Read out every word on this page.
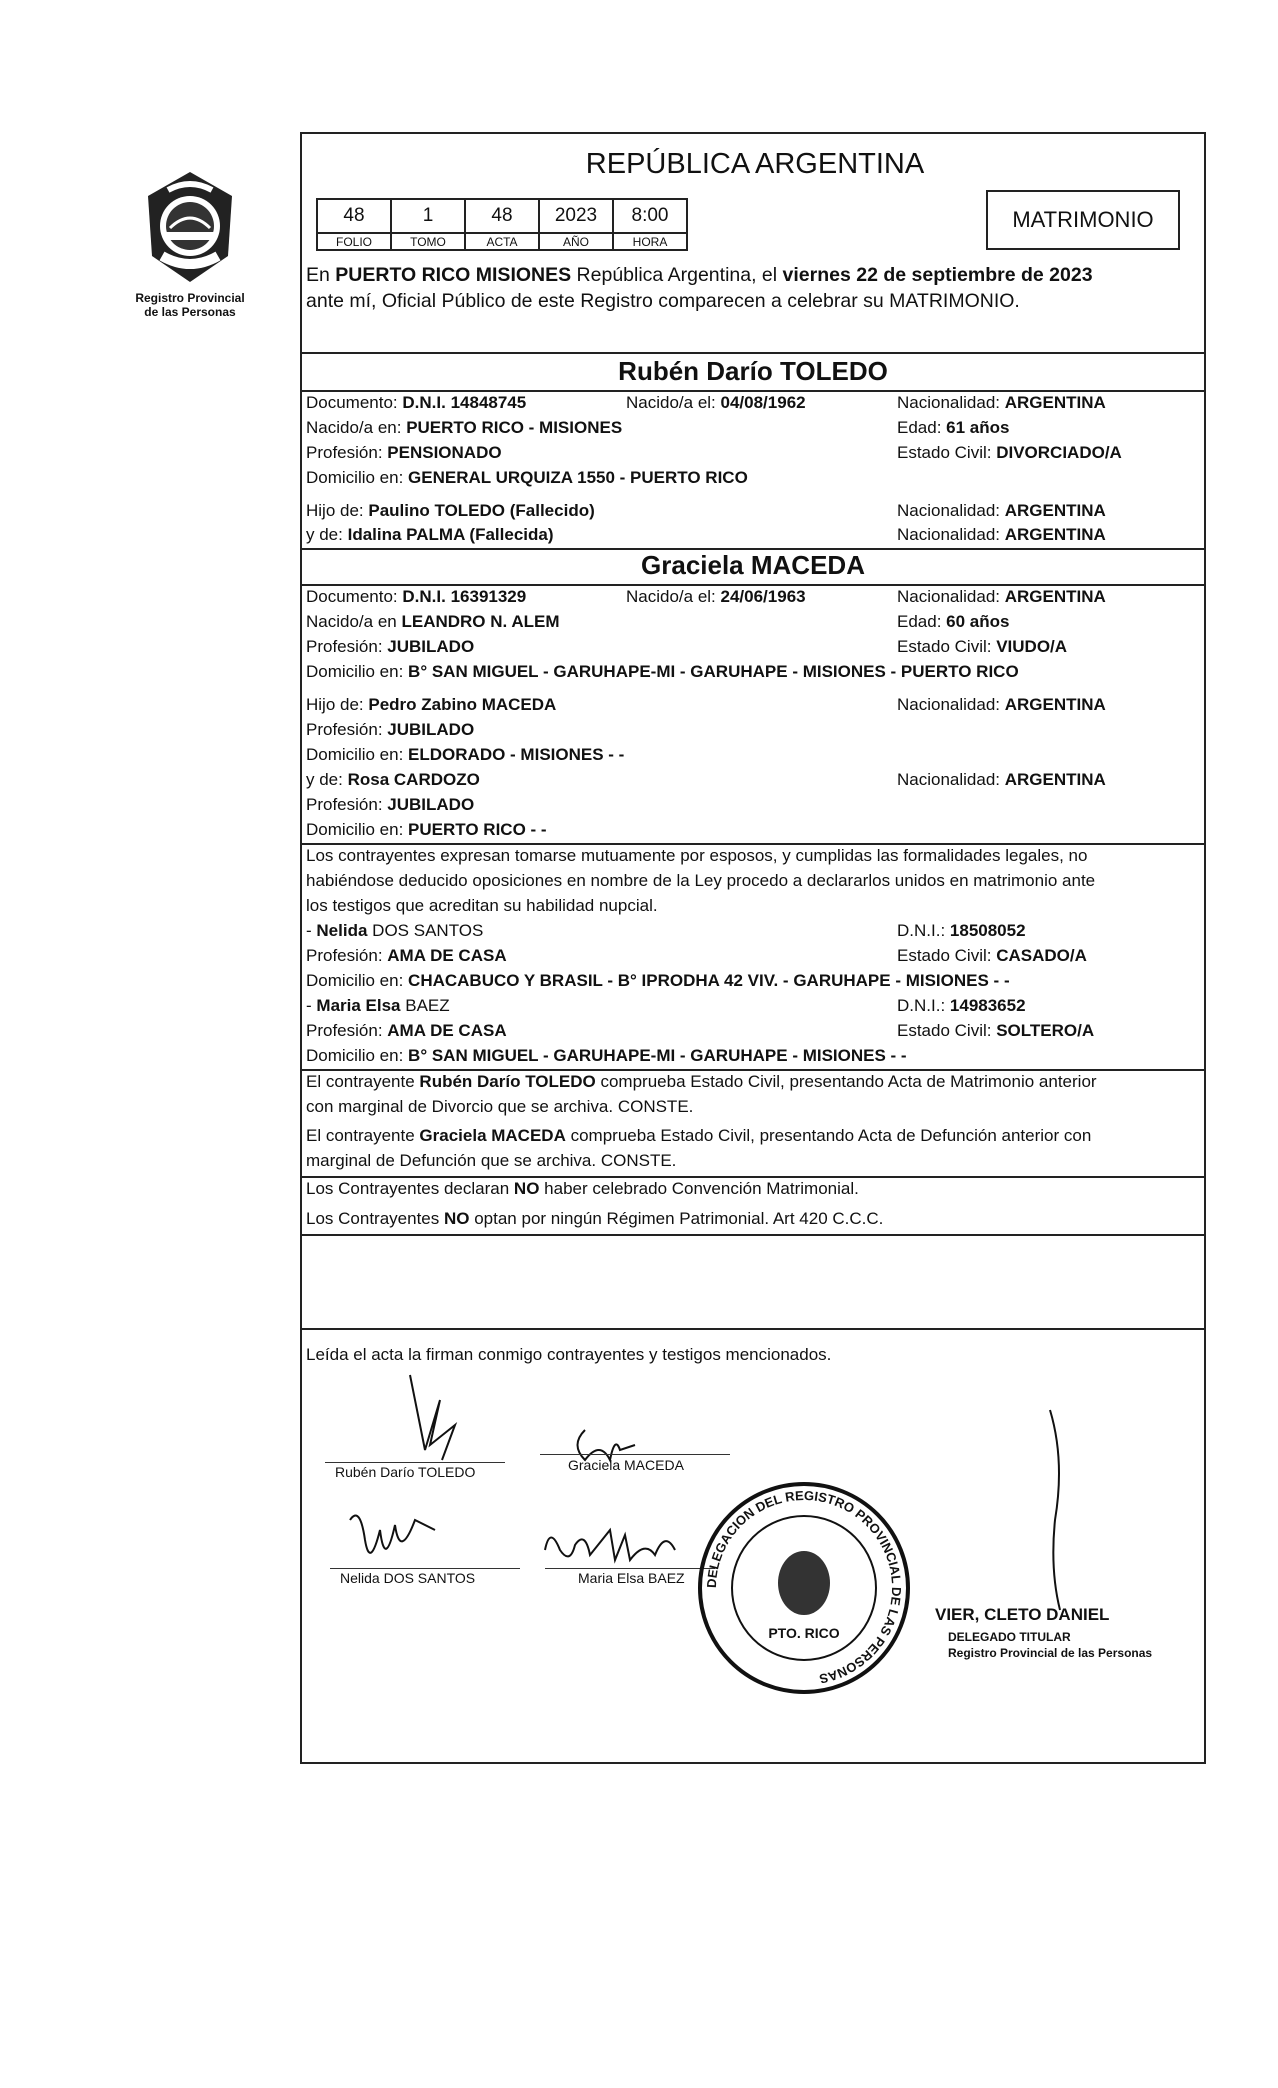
Registro Provincial
de las Personas
REPÚBLICA ARGENTINA
48	1	48	2023	8:00
FOLIO	TOMO	ACTA	AÑO	HORA
MATRIMONIO
En PUERTO RICO MISIONES República Argentina, el viernes 22 de septiembre de 2023
ante mí, Oficial Público de este Registro comparecen a celebrar su MATRIMONIO.
Rubén Darío TOLEDO
Documento: D.N.I. 14848745	Nacido/a el: 04/08/1962	Nacionalidad: ARGENTINA
Nacido/a en: PUERTO RICO - MISIONES	Edad: 61 años
Profesión: PENSIONADO	Estado Civil: DIVORCIADO/A
Domicilio en: GENERAL URQUIZA 1550 - PUERTO RICO
Hijo de: Paulino TOLEDO (Fallecido)	Nacionalidad: ARGENTINA
y de: Idalina PALMA (Fallecida)	Nacionalidad: ARGENTINA
Graciela MACEDA
Documento: D.N.I. 16391329	Nacido/a el: 24/06/1963	Nacionalidad: ARGENTINA
Nacido/a en LEANDRO N. ALEM	Edad: 60 años
Profesión: JUBILADO	Estado Civil: VIUDO/A
Domicilio en: B° SAN MIGUEL - GARUHAPE-MI - GARUHAPE - MISIONES - PUERTO RICO
Hijo de: Pedro Zabino MACEDA	Nacionalidad: ARGENTINA
Profesión: JUBILADO
Domicilio en: ELDORADO - MISIONES - -
y de: Rosa CARDOZO	Nacionalidad: ARGENTINA
Profesión: JUBILADO
Domicilio en: PUERTO RICO - -
Los contrayentes expresan tomarse mutuamente por esposos, y cumplidas las formalidades legales, no
habiéndose deducido oposiciones en nombre de la Ley procedo a declararlos unidos en matrimonio ante
los testigos que acreditan su habilidad nupcial.
- Nelida DOS SANTOS	D.N.I.: 18508052
Profesión: AMA DE CASA	Estado Civil: CASADO/A
Domicilio en: CHACABUCO Y BRASIL - B° IPRODHA 42 VIV. - GARUHAPE - MISIONES - -
- Maria Elsa BAEZ	D.N.I.: 14983652
Profesión: AMA DE CASA	Estado Civil: SOLTERO/A
Domicilio en: B° SAN MIGUEL - GARUHAPE-MI - GARUHAPE - MISIONES - -
El contrayente Rubén Darío TOLEDO comprueba Estado Civil, presentando Acta de Matrimonio anterior
con marginal de Divorcio que se archiva. CONSTE.
El contrayente Graciela MACEDA comprueba Estado Civil, presentando Acta de Defunción anterior con
marginal de Defunción que se archiva. CONSTE.
Los Contrayentes declaran NO haber celebrado Convención Matrimonial.
Los Contrayentes NO optan por ningún Régimen Patrimonial. Art 420 C.C.C.
Leída el acta la firman conmigo contrayentes y testigos mencionados.
Rubén Darío TOLEDO	Graciela MACEDA
Nelida DOS SANTOS	Maria Elsa BAEZ DELEGACION DEL REGISTRO PROVINCIAL DE LAS PERSONAS
PTO. RICO
VIER, CLETO DANIEL
DELEGADO TITULAR
Registro Provincial de las Personas
